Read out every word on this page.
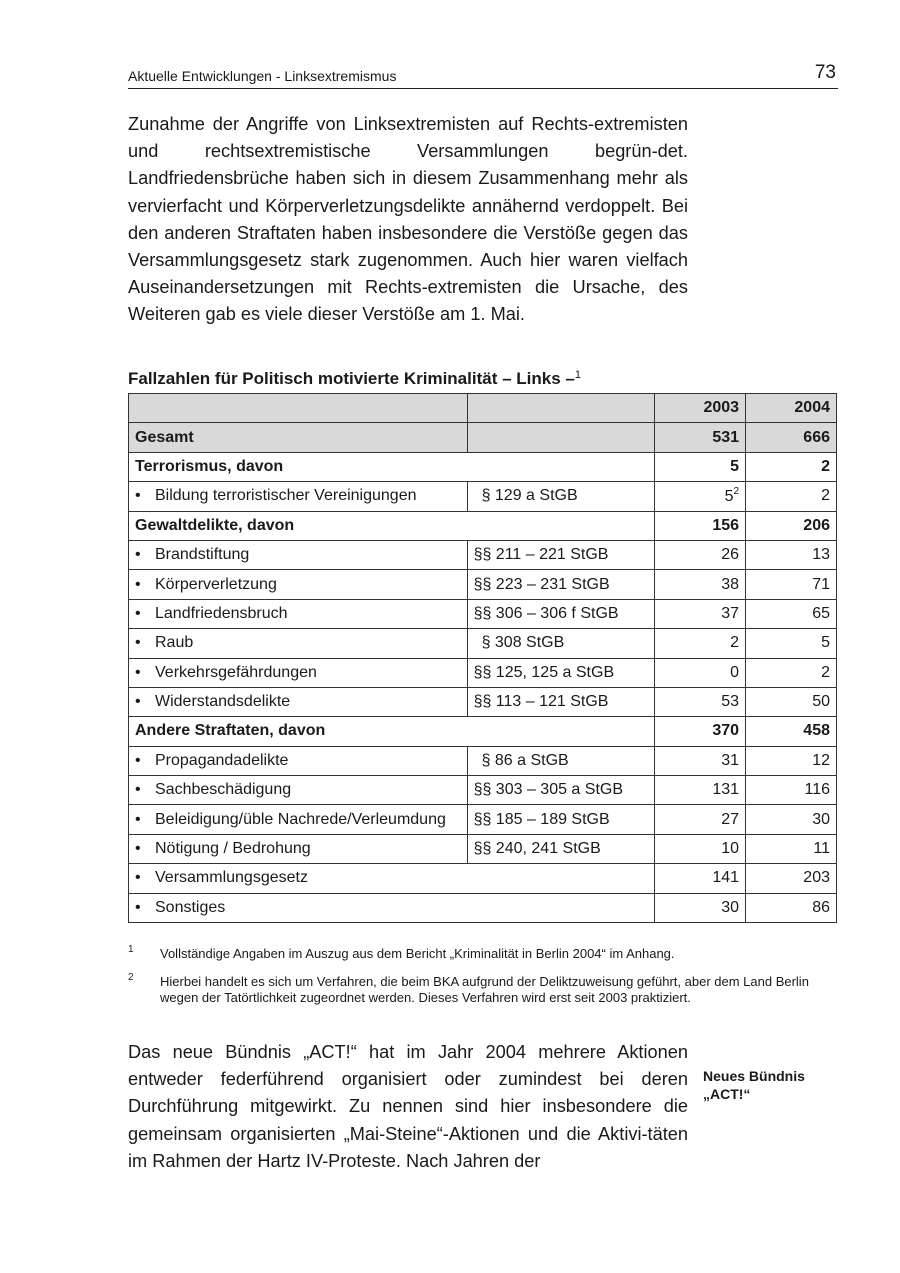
Aktuelle Entwicklungen - Linksextremismus	73

Zunahme der Angriffe von Linksextremisten auf Rechts-extremisten und rechtsextremistische Versammlungen begrün-det. Landfriedensbrüche haben sich in diesem Zusammenhang mehr als vervierfacht und Körperverletzungsdelikte annähernd verdoppelt. Bei den anderen Straftaten haben insbesondere die Verstöße gegen das Versammlungsgesetz stark zugenommen. Auch hier waren vielfach Auseinandersetzungen mit Rechts-extremisten die Ursache, des Weiteren gab es viele dieser Verstöße am 1. Mai.

Fallzahlen für Politisch motivierte Kriminalität – Links –$^1$
		2003	2004
Gesamt		531	666
Terrorismus, davon		5	2
• Bildung terroristischer Vereinigungen	§ 129 a StGB	5$^2$	2
Gewaltdelikte, davon		156	206
• Brandstiftung	§§ 211 – 221 StGB	26	13
• Körperverletzung	§§ 223 – 231 StGB	38	71
• Landfriedensbruch	§§ 306 – 306 f StGB	37	65
• Raub	§ 308 StGB	2	5
• Verkehrsgefährdungen	§§ 125, 125 a StGB	0	2
• Widerstandsdelikte	§§ 113 – 121 StGB	53	50
Andere Straftaten, davon		370	458
• Propagandadelikte	§ 86 a StGB	31	12
• Sachbeschädigung	§§ 303 – 305 a StGB	131	116
• Beleidigung/üble Nachrede/Verleumdung	§§ 185 – 189 StGB	27	30
• Nötigung / Bedrohung	§§ 240, 241 StGB	10	11
• Versammlungsgesetz		141	203
• Sonstiges		30	86
1 Vollständige Angaben im Auszug aus dem Bericht „Kriminalität in Berlin 2004“ im Anhang.
2 Hierbei handelt es sich um Verfahren, die beim BKA aufgrund der Deliktzuweisung geführt, aber dem Land Berlin wegen der Tatörtlichkeit zugeordnet werden. Dieses Verfahren wird erst seit 2003 praktiziert.

Das neue Bündnis „ACT!“ hat im Jahr 2004 mehrere Aktionen entweder federführend organisiert oder zumindest bei deren Durchführung mitgewirkt. Zu nennen sind hier insbesondere die gemeinsam organisierten „Mai-Steine“-Aktionen und die Aktivi-täten im Rahmen der Hartz IV-Proteste. Nach Jahren der

Neues Bündnis
„ACT!“
